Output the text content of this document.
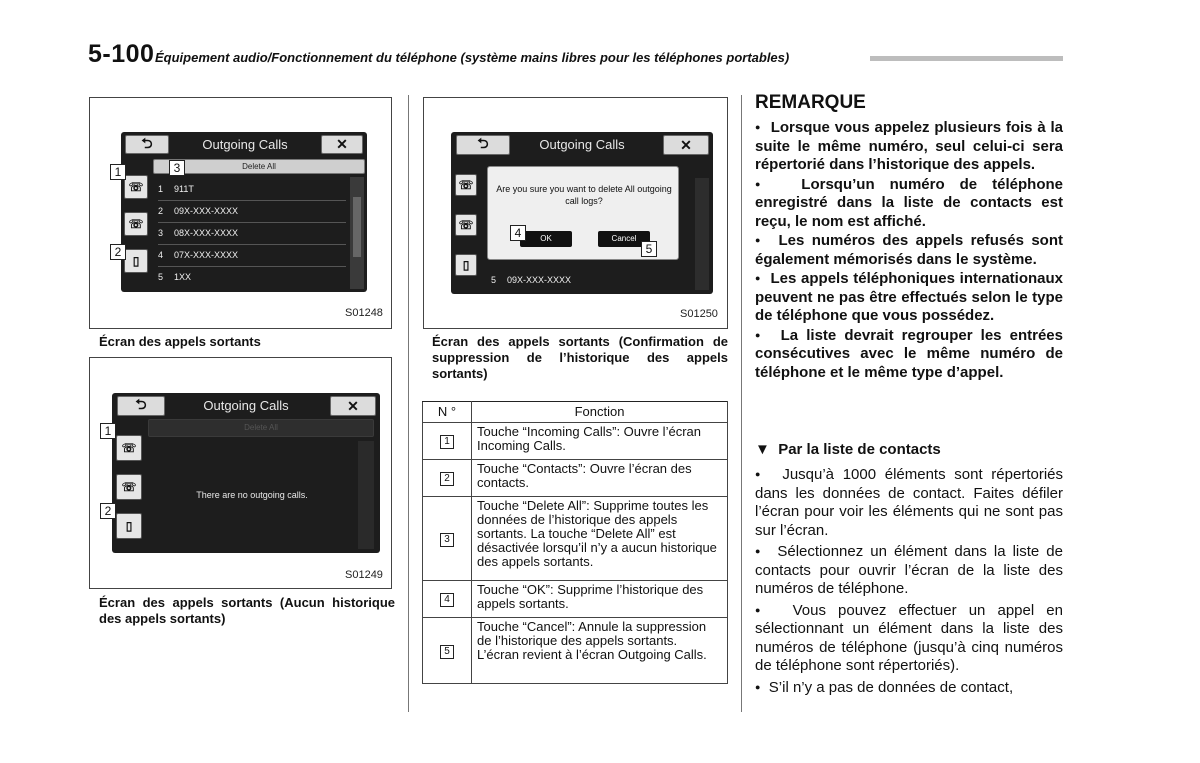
5-100 Équipement audio/Fonctionnement du téléphone (système mains libres pour les téléphones portables)
⮌	Outgoing Calls	✕
Delete All
☏
☏
▯
1 911T
2 09X-XXX-XXXX
3 08X-XXX-XXXX
4 07X-XXX-XXXX
5 1XX
1
2
3
S01248
Écran des appels sortants
⮌	Outgoing Calls	✕
Delete All
☏
☏
▯
There are no outgoing calls.
1
2
S01249
Écran des appels sortants (Aucun historique des appels sortants)
⮌	Outgoing Calls	✕
☏
☏
▯
5 09X-XXX-XXXX
Are you sure you want to delete All outgoing call logs?
OK	Cancel
4
5
S01250
Écran des appels sortants (Confirmation de suppression de l’historique des appels sortants)
N °	Fonction
1	Touche “Incoming Calls”: Ouvre l’écran Incoming Calls.
2	Touche “Contacts”: Ouvre l’écran des contacts.
3	Touche “Delete All”: Supprime toutes les données de l’historique des appels sortants. La touche “Delete All” est désactivée lorsqu’il n’y a aucun historique des appels sortants.
4	Touche “OK”: Supprime l’historique des appels sortants.
5	Touche “Cancel”: Annule la suppression de l’historique des appels sortants. L’écran revient à l’écran Outgoing Calls.
REMARQUE
● Lorsque vous appelez plusieurs fois à la suite le même numéro, seul celui-ci sera répertorié dans l’historique des appels.
● Lorsqu’un numéro de téléphone enregistré dans la liste de contacts est reçu, le nom est affiché.
● Les numéros des appels refusés sont également mémorisés dans le système.
● Les appels téléphoniques internationaux peuvent ne pas être effectués selon le type de téléphone que vous possédez.
● La liste devrait regrouper les entrées consécutives avec le même numéro de téléphone et le même type d’appel.
▼ Par la liste de contacts
● Jusqu’à 1000 éléments sont répertoriés dans les données de contact. Faites défiler l’écran pour voir les éléments qui ne sont pas sur l’écran.
● Sélectionnez un élément dans la liste de contacts pour ouvrir l’écran de la liste des numéros de téléphone.
● Vous pouvez effectuer un appel en sélectionnant un élément dans la liste des numéros de téléphone (jusqu’à cinq numéros de téléphone sont répertoriés).
● S’il n’y a pas de données de contact,
